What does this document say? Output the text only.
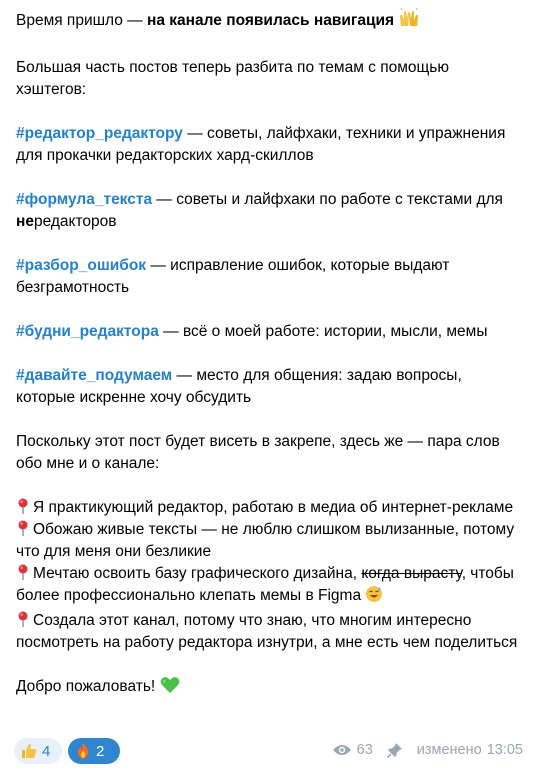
Время пришло — на канале появилась навигация

Большая часть постов теперь разбита по темам с помощью хэштегов:

#редактор_редактору — советы, лайфхаки, техники и упражнения для прокачки редакторских хард-скиллов

#формула_текста — советы и лайфхаки по работе с текстами для нередакторов

#разбор_ошибок — исправление ошибок, которые выдают безграмотность

#будни_редактора — всё о моей работе: истории, мысли, мемы

#давайте_подумаем — место для общения: задаю вопросы, которые искренне хочу обсудить

Поскольку этот пост будет висеть в закрепе, здесь же — пара слов обо мне и о канале:

Я практикующий редактор, работаю в медиа об интернет-рекламе

Обожаю живые тексты — не люблю слишком вылизанные, потому что для меня они безликие

Мечтаю освоить базу графического дизайна, когда вырасту, чтобы более профессионально клепать мемы в Figma

Создала этот канал, потому что знаю, что многим интересно посмотреть на работу редактора изнутри, а мне есть чем поделиться

Добро пожаловать!

4	2	63	изменено 13:05
